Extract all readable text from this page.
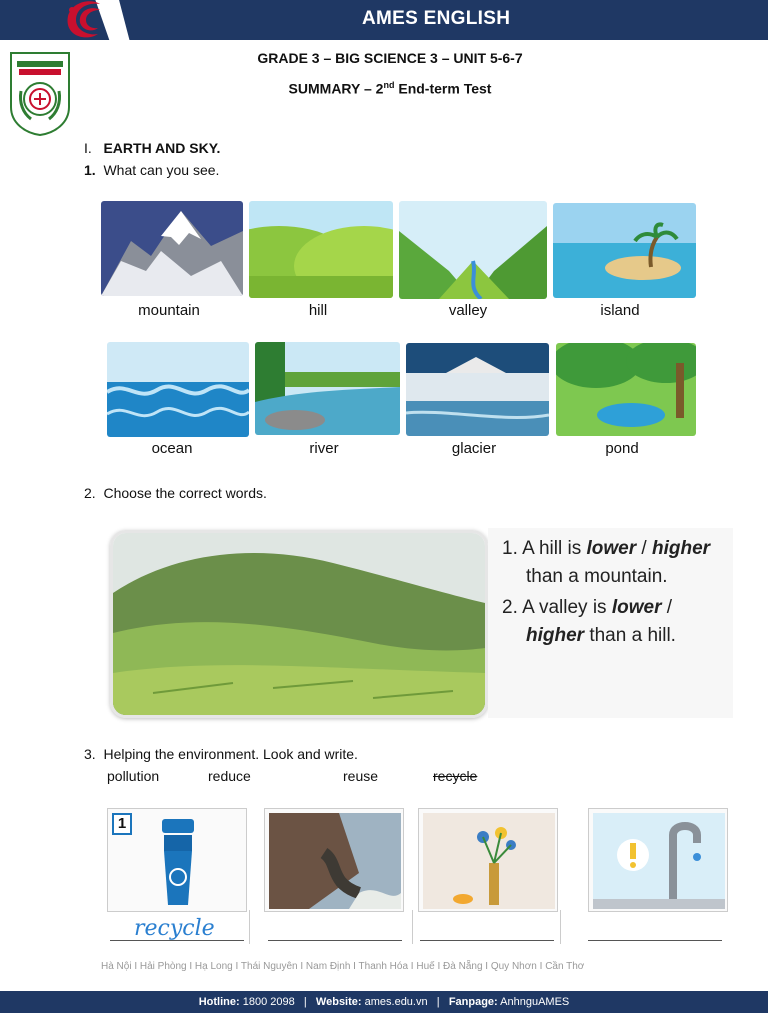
AMES ENGLISH
GRADE 3 – BIG SCIENCE 3 – UNIT 5-6-7
SUMMARY – 2nd End-term Test
I. EARTH AND SKY.
1. What can you see.
mountain	hill	valley	island
ocean	river	glacier	pond
2. Choose the correct words.
1. A hill is lower / higher
than a mountain.
2. A valley is lower /
higher than a hill.
3. Helping the environment. Look and write.
pollution	reduce	reuse	recycle
1
recycle
Hà Nội I Hải Phòng I Hạ Long I Thái Nguyên I Nam Định I Thanh Hóa I Huế I Đà Nẵng I Quy Nhơn I Cần Thơ
Hotline: 1800 2098   |   Website: ames.edu.vn   |   Fanpage: AnhnguAMES
